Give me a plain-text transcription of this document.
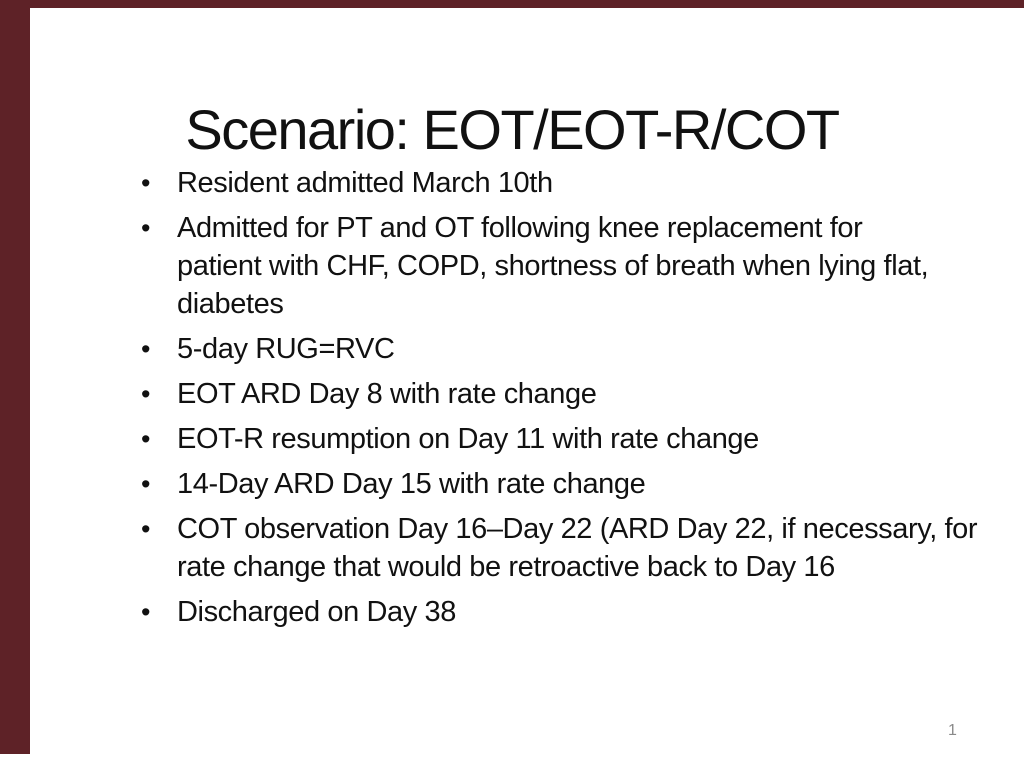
Scenario: EOT/EOT-R/COT
• Resident admitted March 10th
• Admitted for PT and OT following knee replacement for
patient with CHF, COPD, shortness of breath when lying flat,
diabetes
• 5-day RUG=RVC
• EOT ARD Day 8 with rate change
• EOT-R resumption on Day 11 with rate change
• 14-Day ARD Day 15 with rate change
• COT observation Day 16–Day 22 (ARD Day 22, if necessary, for
rate change that would be retroactive back to Day 16
• Discharged on Day 38
1
